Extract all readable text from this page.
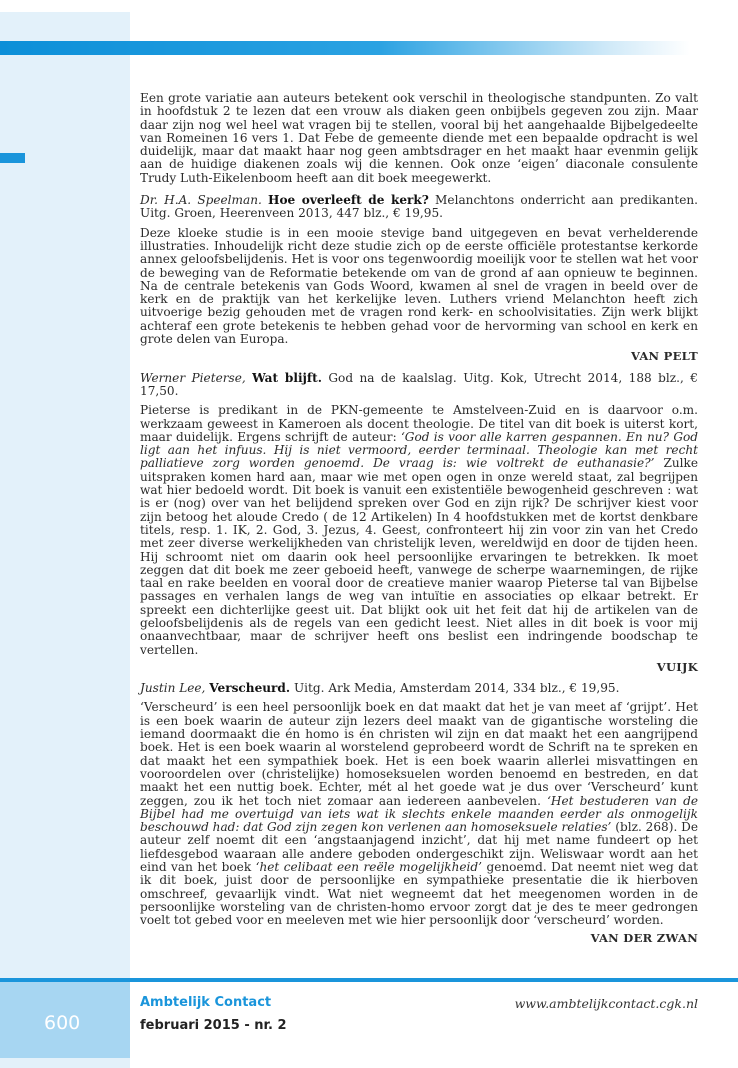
Een grote variatie aan auteurs betekent ook verschil in theologische standpunten. Zo valt in hoofdstuk 2 te lezen dat een vrouw als diaken geen onbijbels gegeven zou zijn. Maar daar zijn nog wel heel wat vragen bij te stellen, vooral bij het aangehaalde Bijbelgedeelte van Romeinen 16 vers 1. Dat Febe de gemeente diende met een bepaalde opdracht is wel duidelijk, maar dat maakt haar nog geen ambtsdrager en het maakt haar evenmin gelijk aan de huidige diakenen zoals wij die kennen. Ook onze ‘eigen’ diaconale consulente Trudy Luth-Eikelenboom heeft aan dit boek meegewerkt.

Dr. H.A. Speelman. Hoe overleeft de kerk? Melanchtons onderricht aan predikanten. Uitg. Groen, Heerenveen 2013, 447 blz., € 19,95.

Deze kloeke studie is in een mooie stevige band uitgegeven en bevat verhelderende illustraties. Inhoudelijk richt deze studie zich op de eerste officiële protestantse kerkorde annex geloofsbelijdenis. Het is voor ons tegenwoordig moeilijk voor te stellen wat het voor de beweging van de Reformatie betekende om van de grond af aan opnieuw te beginnen. Na de centrale betekenis van Gods Woord, kwamen al snel de vragen in beeld over de kerk en de praktijk van het kerkelijke leven. Luthers vriend Melanchton heeft zich uitvoerige bezig gehouden met de vragen rond kerk- en schoolvisitaties. Zijn werk blijkt achteraf een grote betekenis te hebben gehad voor de hervorming van school en kerk en grote delen van Europa.

VAN PELT

Werner Pieterse, Wat blijft. God na de kaalslag. Uitg. Kok, Utrecht 2014, 188 blz., € 17,50.

Pieterse is predikant in de PKN-gemeente te Amstelveen-Zuid en is daarvoor o.m. werkzaam geweest in Kameroen als docent theologie. De titel van dit boek is uiterst kort, maar duidelijk. Ergens schrijft de auteur: ‘God is voor alle karren gespannen. En nu? God ligt aan het infuus. Hij is niet vermoord, eerder terminaal. Theologie kan met recht palliatieve zorg worden genoemd. De vraag is: wie voltrekt de euthanasie?’ Zulke uitspraken komen hard aan, maar wie met open ogen in onze wereld staat, zal begrijpen wat hier bedoeld wordt. Dit boek is vanuit een existentiële bewogenheid geschreven : wat is er (nog) over van het belijdend spreken over God en zijn rijk? De schrijver kiest voor zijn betoog het aloude Credo ( de 12 Artikelen) In 4 hoofdstukken met de kortst denkbare titels, resp. 1. IK, 2. God, 3. Jezus, 4. Geest, confronteert hij zin voor zin van het Credo met zeer diverse werkelijkheden van christelijk leven, wereldwijd en door de tijden heen. Hij schroomt niet om daarin ook heel persoonlijke ervaringen te betrekken. Ik moet zeggen dat dit boek me zeer geboeid heeft, vanwege de scherpe waarnemingen, de rijke taal en rake beelden en vooral door de creatieve manier waarop Pieterse tal van Bijbelse passages en verhalen langs de weg van intuïtie en associaties op elkaar betrekt. Er spreekt een dichterlijke geest uit. Dat blijkt ook uit het feit dat hij de artikelen van de geloofsbelijdenis als de regels van een gedicht leest. Niet alles in dit boek is voor mij onaanvechtbaar, maar de schrijver heeft ons beslist een indringende boodschap te vertellen.

VUIJK

Justin Lee, Verscheurd. Uitg. Ark Media, Amsterdam 2014, 334 blz., € 19,95.

‘Verscheurd’ is een heel persoonlijk boek en dat maakt dat het je van meet af ‘grijpt’. Het is een boek waarin de auteur zijn lezers deel maakt van de gigantische worsteling die iemand doormaakt die én homo is én christen wil zijn en dat maakt het een aangrijpend boek. Het is een boek waarin al worstelend geprobeerd wordt de Schrift na te spreken en dat maakt het een sympathiek boek. Het is een boek waarin allerlei misvattingen en vooroordelen over (christelijke) homoseksuelen worden benoemd en bestreden, en dat maakt het een nuttig boek. Echter, mét al het goede wat je dus over ‘Verscheurd’ kunt zeggen, zou ik het toch niet zomaar aan iedereen aanbevelen. ‘Het bestuderen van de Bijbel had me overtuigd van iets wat ik slechts enkele maanden eerder als onmogelijk beschouwd had: dat God zijn zegen kon verlenen aan homoseksuele relaties’ (blz. 268). De auteur zelf noemt dit een ‘angstaanjagend inzicht’, dat hij met name fundeert op het liefdesgebod waaraan alle andere geboden ondergeschikt zijn. Weliswaar wordt aan het eind van het boek ‘het celibaat een reële mogelijkheid’ genoemd. Dat neemt niet weg dat ik dit boek, juist door de persoonlijke en sympathieke presentatie die ik hierboven omschreef, gevaarlijk vindt. Wat niet wegneemt dat het meegenomen worden in de persoonlijke worsteling van de christen-homo ervoor zorgt dat je des te meer gedrongen voelt tot gebed voor en meeleven met wie hier persoonlijk door ‘verscheurd’ worden.

VAN DER ZWAN

600
Ambtelijk Contact
februari 2015 - nr. 2
www.ambtelijkcontact.cgk.nl
